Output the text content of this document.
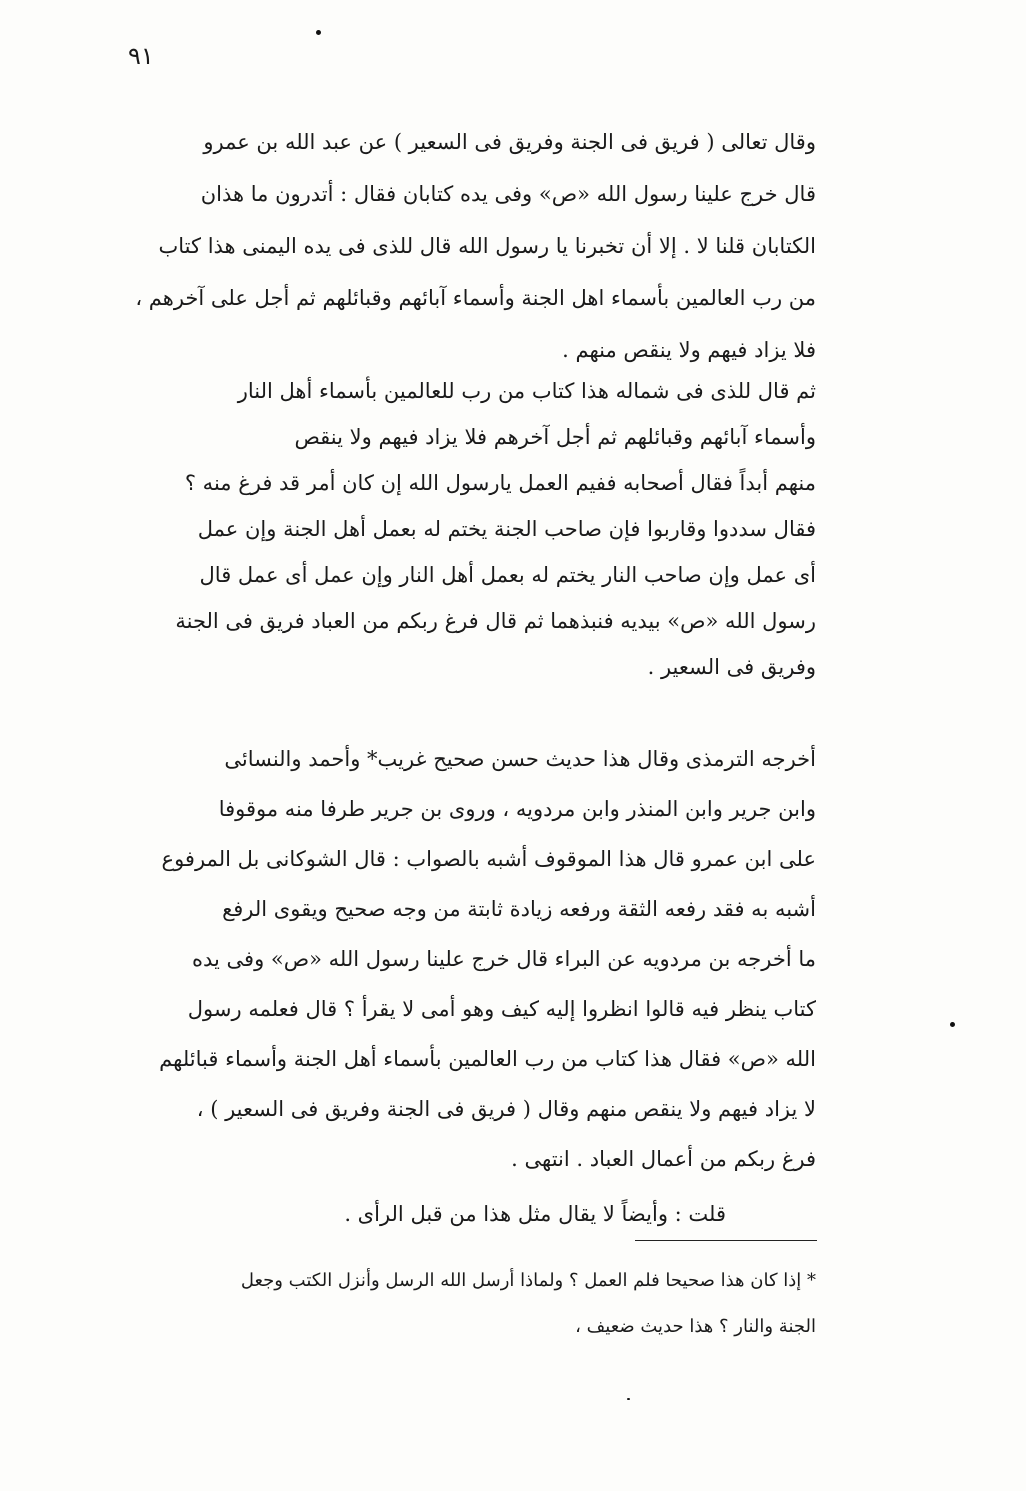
٩١
وقال تعالى ( فريق فى الجنة وفريق فى السعير ) عن عبد الله بن عمرو
قال خرج علينا رسول الله «ص» وفى يده كتابان فقال : أتدرون ما هذان
الكتابان قلنا لا . إلا أن تخبرنا يا رسول الله قال للذى فى يده اليمنى هذا كتاب
من رب العالمين بأسماء اهل الجنة وأسماء آبائهم وقبائلهم ثم أجل على آخرهم ،
فلا يزاد فيهم ولا ينقص منهم .
ثم قال للذى فى شماله هذا كتاب من رب للعالمين بأسماء أهل النار
وأسماء آبائهم وقبائلهم ثم أجل آخرهم فلا يزاد فيهم ولا ينقص
منهم أبداً فقال أصحابه ففيم العمل يارسول الله إن كان أمر قد فرغ منه ؟
فقال سددوا وقاربوا فإن صاحب الجنة يختم له بعمل أهل الجنة وإن عمل
أى عمل وإن صاحب النار يختم له بعمل أهل النار وإن عمل أى عمل قال
رسول الله «ص» بيديه فنبذهما ثم قال فرغ ربكم من العباد فريق فى الجنة
وفريق فى السعير .
أخرجه الترمذى وقال هذا حديث حسن صحيح غريب* وأحمد والنسائى
وابن جرير وابن المنذر وابن مردويه ، وروى بن جرير طرفا منه موقوفا
على ابن عمرو قال هذا الموقوف أشبه بالصواب : قال الشوكانى بل المرفوع
أشبه به فقد رفعه الثقة ورفعه زيادة ثابتة من وجه صحيح ويقوى الرفع
ما أخرجه بن مردويه عن البراء قال خرج علينا رسول الله «ص» وفى يده
كتاب ينظر فيه قالوا انظروا إليه كيف وهو أمى لا يقرأ ؟ قال فعلمه رسول
الله «ص» فقال هذا كتاب من رب العالمين بأسماء أهل الجنة وأسماء قبائلهم
لا يزاد فيهم ولا ينقص منهم وقال ( فريق فى الجنة وفريق فى السعير ) ،
فرغ ربكم من أعمال العباد . انتهى .
قلت : وأيضاً لا يقال مثل هذا من قبل الرأى .
* إذا كان هذا صحيحا فلم العمل ؟ ولماذا أرسل الله الرسل وأنزل الكتب وجعل
الجنة والنار ؟ هذا حديث ضعيف ،
